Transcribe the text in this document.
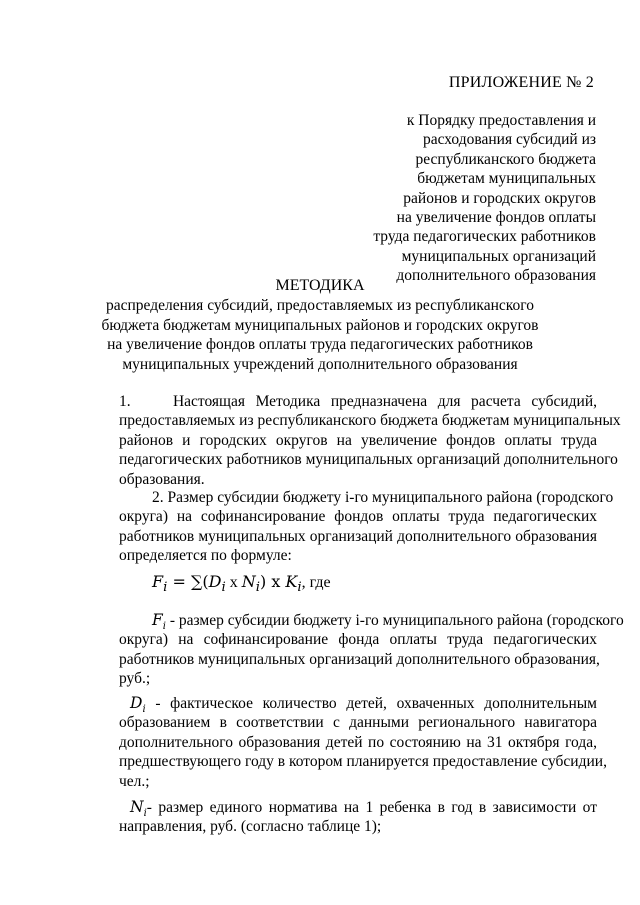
ПРИЛОЖЕНИЕ № 2
к Порядку предоставления и
расходования субсидий из
республиканского бюджета
бюджетам муниципальных
районов и городских округов
на увеличение фондов оплаты
труда педагогических работников
муниципальных организаций
дополнительного образования
МЕТОДИКА
распределения субсидий, предоставляемых из республиканского
бюджета бюджетам муниципальных районов и городских округов
на увеличение фондов оплаты труда педагогических работников
муниципальных учреждений дополнительного образования
1.    Настоящая Методика предназначена для расчета субсидий,
предоставляемых из республиканского бюджета бюджетам муниципальных
районов и городских округов на увеличение фондов оплаты труда
педагогических работников муниципальных организаций дополнительного
образования.
2. Размер субсидии бюджету i-го муниципального района (городского
округа) на софинансирование фондов оплаты труда педагогических
работников муниципальных организаций дополнительного образования
определяется по формуле:
$F_i = \sum(D_i$ x $N_i$) x $K_i$, где
$F_i$ - размер субсидии бюджету i-го муниципального района (городского
округа) на софинансирование фонда оплаты труда педагогических
работников муниципальных организаций дополнительного образования,
руб.;
$D_i$ - фактическое количество детей, охваченных дополнительным
образованием в соответствии с данными регионального навигатора
дополнительного образования детей по состоянию на 31 октября года,
предшествующего году в котором планируется предоставление субсидии,
чел.;
$N_i-$ размер единого норматива на 1 ребенка в год в зависимости от
направления, руб. (согласно таблице 1);
